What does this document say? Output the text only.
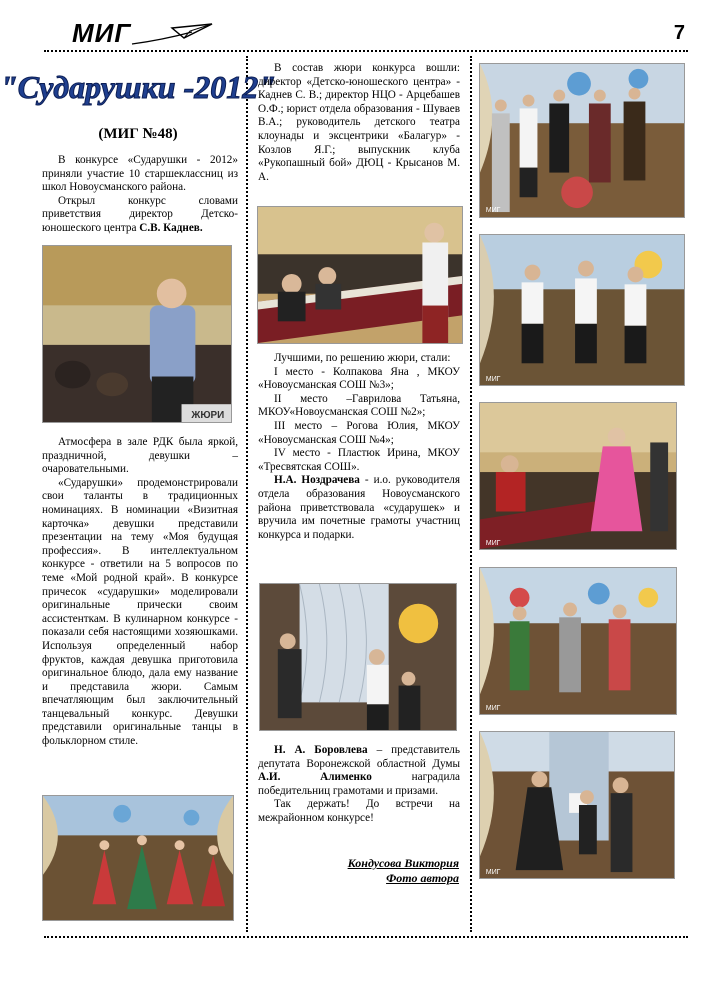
МИГ	7
"Сударушки -2012"
(МИГ №48)

В конкурсе «Сударушки - 2012» приняли участие 10 старшеклассниц из школ Новоусманского района.

Открыл конкурс словами приветствия директор Детско-юношеского центра С.В. Каднев.

ЖЮРИ

Атмосфера в зале РДК была яркой, праздничной, девушки – очаровательными.

«Сударушки» продемонстрировали свои таланты в традиционных номинациях. В номинации «Визитная карточка» девушки представили презентации на тему «Моя будущая профессия». В интеллектуальном конкурсе - ответили на 5 вопросов по теме «Мой родной край». В конкурсе причесок «сударушки» моделировали оригинальные прически своим ассистенткам. В кулинарном конкурсе - показали себя настоящими хозяюшками. Используя определенный набор фруктов, каждая девушка приготовила оригинальное блюдо, дала ему название и представила жюри. Самым впечатляющим был заключительный танцевальный конкурс. Девушки представили оригинальные танцы в фольклорном стиле.

В состав жюри конкурса вошли: директор «Детско-юношеского центра» - Каднев С. В.; директор НЦО - Арцебашев О.Ф.; юрист отдела образования - Шуваев В.А.; руководитель детского театра клоунады и эксцентрики «Балагур» - Козлов Я.Г.; выпускник клуба «Рукопашный бой» ДЮЦ - Крысанов М. А.

Лучшими, по решению жюри, стали:

I место - Колпакова Яна , МКОУ «Новоусманская СОШ №3»;

II место –Гаврилова Татьяна, МКОУ«Новоусманская СОШ №2»;

III место – Рогова Юлия, МКОУ «Новоусманская СОШ №4»;

IV место - Пластюк Ирина, МКОУ «Тресвятская СОШ».

Н.А. Ноздрачева - и.о. руководителя отдела образования Новоусманского района приветствовала «сударушек» и вручила им почетные грамоты участниц конкурса и подарки.

Н. А. Боровлева – представитель депутата Воронежской областной Думы А.И. Алименко наградила победительниц грамотами и призами.

Так держать! До встречи на межрайонном конкурсе!

Кондусова Виктория
Фото автора
МИГ
МИГ
МИГ
МИГ
МИГ
